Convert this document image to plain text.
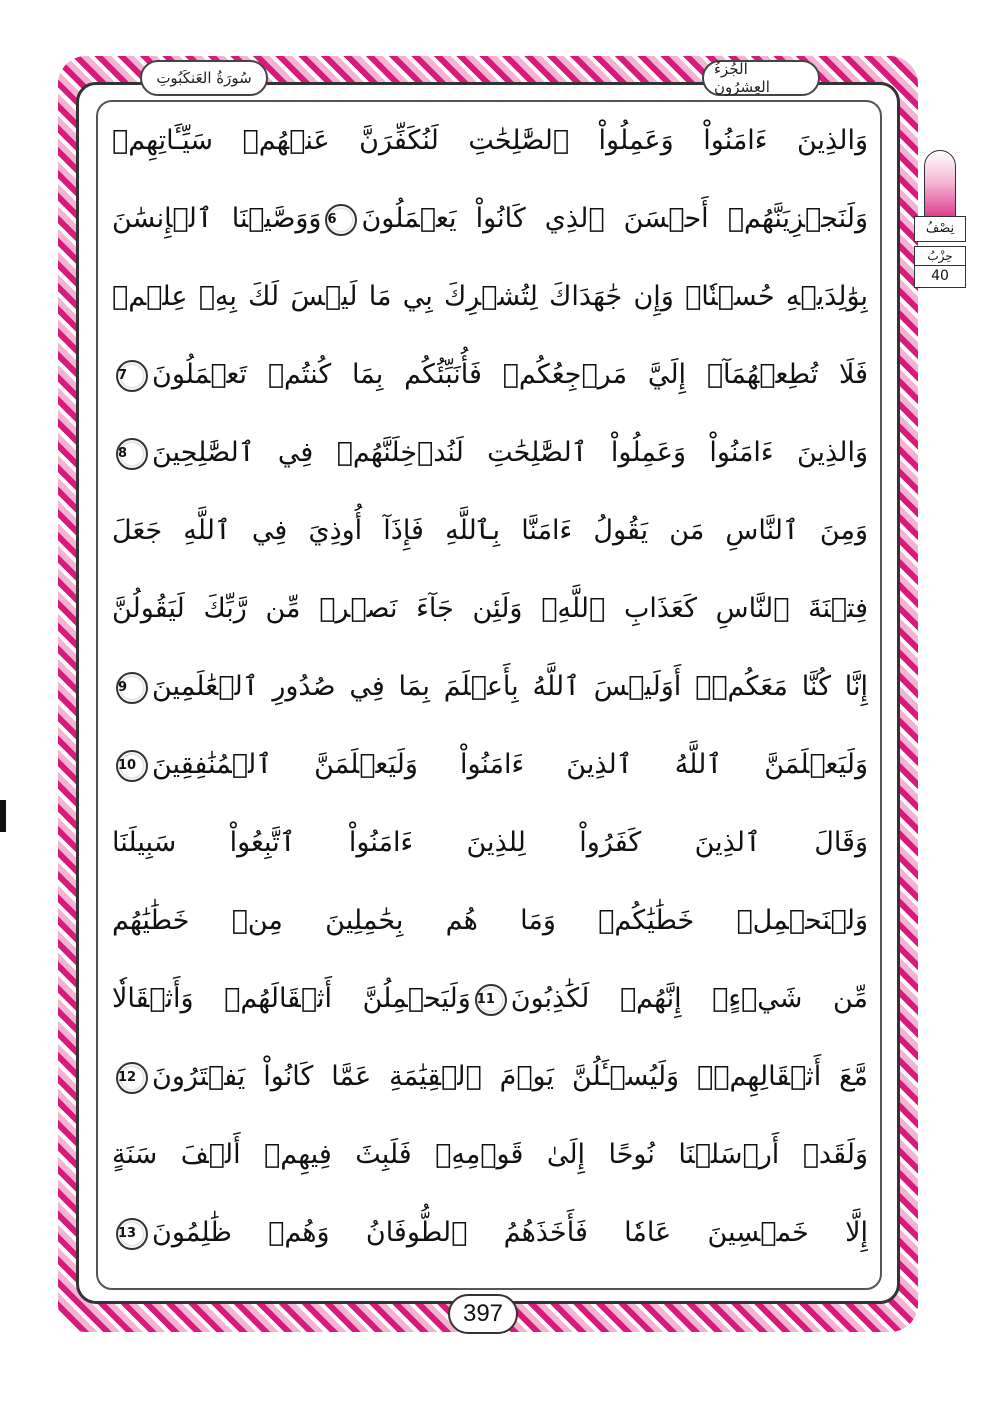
الجُزءُ العِشرُون
سُورَةُ العَنكَبُوتِ
نِصْفُ
حِزْبُ
40
وَالذِينَ ءَامَنُواْ وَعَمِلُواْ ٱلصَّٰلِحَٰتِ لَنُكَفِّرَنَّ عَنۡهُمۡ سَيِّـَٔاتِهِمۡ
وَلَنَجۡزِيَنَّهُمۡ أَحۡسَنَ ٱلذِي كَانُواْ يَعۡمَلُونَ6وَوَصَّيۡنَا ٱلۡإِنسَٰنَ
بِوَٰلِدَيۡهِ حُسۡنٗاۖ وَإِن جَٰهَدَاكَ لِتُشۡرِكَ بِي مَا لَيۡسَ لَكَ بِهِۦ عِلۡمٞ
فَلَا تُطِعۡهُمَآۚ إِلَيَّ مَرۡجِعُكُمۡ فَأُنَبِّئُكُم بِمَا كُنتُمۡ تَعۡمَلُونَ7
وَالذِينَ ءَامَنُواْ وَعَمِلُواْ ٱلصَّٰلِحَٰتِ لَنُدۡخِلَنَّهُمۡ فِي ٱلصَّٰلِحِينَ8
وَمِنَ ٱلنَّاسِ مَن يَقُولُ ءَامَنَّا بِٱللَّهِ فَإِذَآ أُوذِيَ فِي ٱللَّهِ جَعَلَ
فِتۡنَةَ ٱلنَّاسِ كَعَذَابِ ٱللَّهِۖ وَلَئِن جَآءَ نَصۡرٞ مِّن رَّبِّكَ لَيَقُولُنَّ
إِنَّا كُنَّا مَعَكُمۡۚ أَوَلَيۡسَ ٱللَّهُ بِأَعۡلَمَ بِمَا فِي صُدُورِ ٱلۡعَٰلَمِينَ9
وَلَيَعۡلَمَنَّ ٱللَّهُ ٱلذِينَ ءَامَنُواْ وَلَيَعۡلَمَنَّ ٱلۡمُنَٰفِقِينَ10
وَقَالَ ٱلذِينَ كَفَرُواْ لِلذِينَ ءَامَنُواْ ٱتَّبِعُواْ سَبِيلَنَا
وَلۡنَحۡمِلۡ خَطَٰيَٰكُمۡ وَمَا هُم بِحَٰمِلِينَ مِنۡ خَطَٰيَٰهُم
مِّن شَيۡءٍۖ إِنَّهُمۡ لَكَٰذِبُونَ11وَلَيَحۡمِلُنَّ أَثۡقَالَهُمۡ وَأَثۡقَالٗا
مَّعَ أَثۡقَالِهِمۡۖ وَلَيُسۡـَٔلُنَّ يَوۡمَ ٱلۡقِيَٰمَةِ عَمَّا كَانُواْ يَفۡتَرُونَ12
وَلَقَدۡ أَرۡسَلۡنَا نُوحًا إِلَىٰ قَوۡمِهِۦ فَلَبِثَ فِيهِمۡ أَلۡفَ سَنَةٍ
إِلَّا خَمۡسِينَ عَامٗا فَأَخَذَهُمُ ٱلطُّوفَانُ وَهُمۡ ظَٰلِمُونَ13
397
